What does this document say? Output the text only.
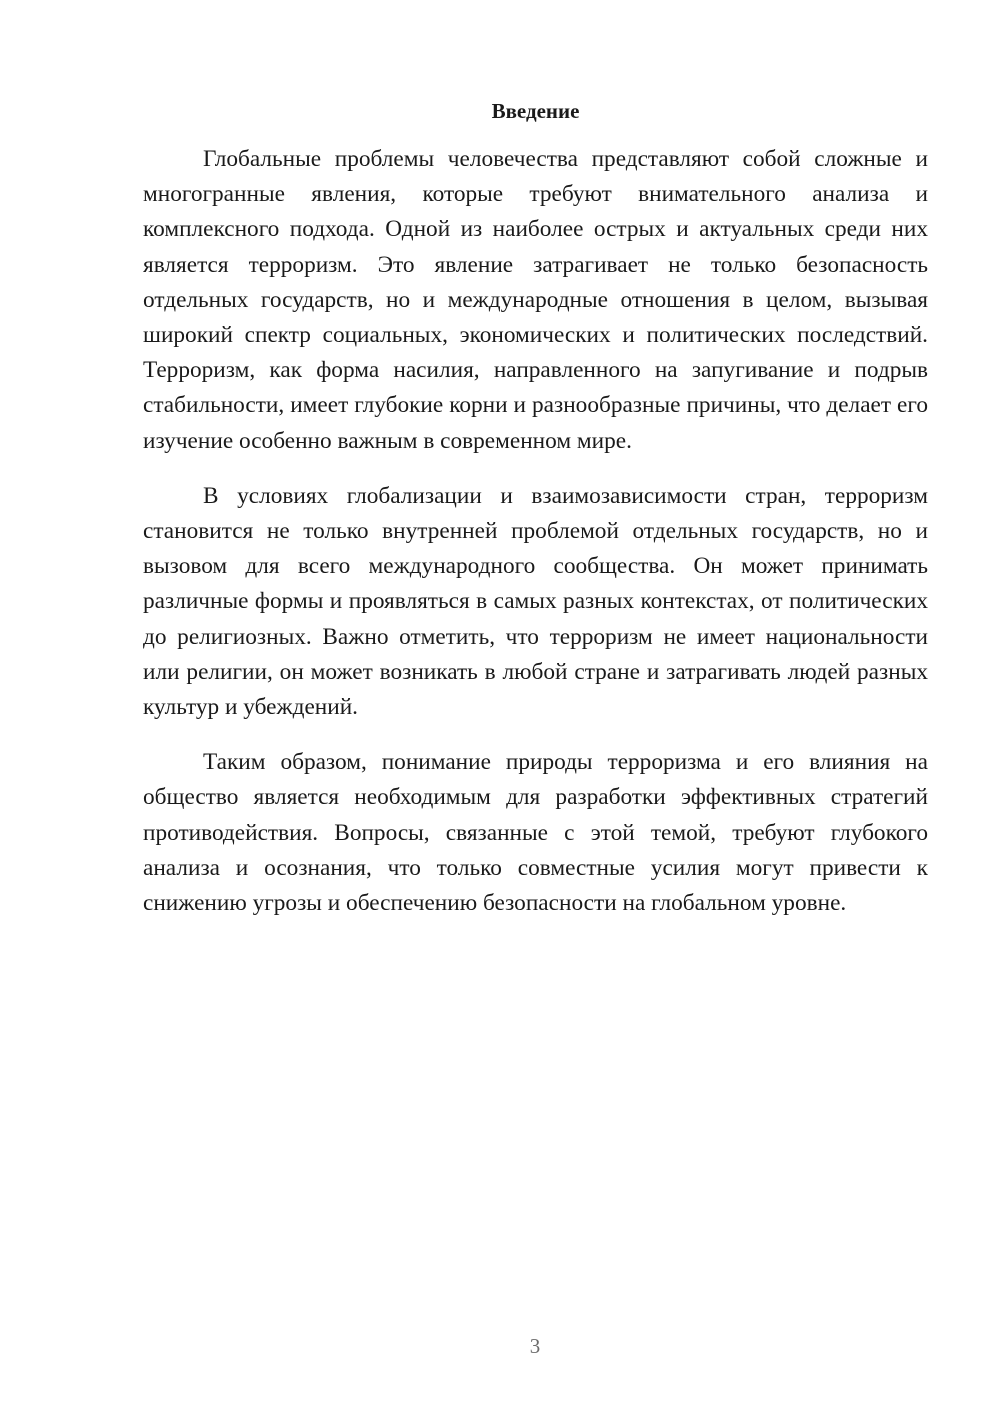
Введение

Глобальные проблемы человечества представляют собой сложные и многогранные явления, которые требуют внимательного анализа и комплексного подхода. Одной из наиболее острых и актуальных среди них является терроризм. Это явление затрагивает не только безопасность отдельных государств, но и международные отношения в целом, вызывая широкий спектр социальных, экономических и политических последствий. Терроризм, как форма насилия, направленного на запугивание и подрыв стабильности, имеет глубокие корни и разнообразные причины, что делает его изучение особенно важным в современном мире.

В условиях глобализации и взаимозависимости стран, терроризм становится не только внутренней проблемой отдельных государств, но и вызовом для всего международного сообщества. Он может принимать различные формы и проявляться в самых разных контекстах, от политических до религиозных. Важно отметить, что терроризм не имеет национальности или религии, он может возникать в любой стране и затрагивать людей разных культур и убеждений.

Таким образом, понимание природы терроризма и его влияния на общество является необходимым для разработки эффективных стратегий противодействия. Вопросы, связанные с этой темой, требуют глубокого анализа и осознания, что только совместные усилия могут привести к снижению угрозы и обеспечению безопасности на глобальном уровне.

3
